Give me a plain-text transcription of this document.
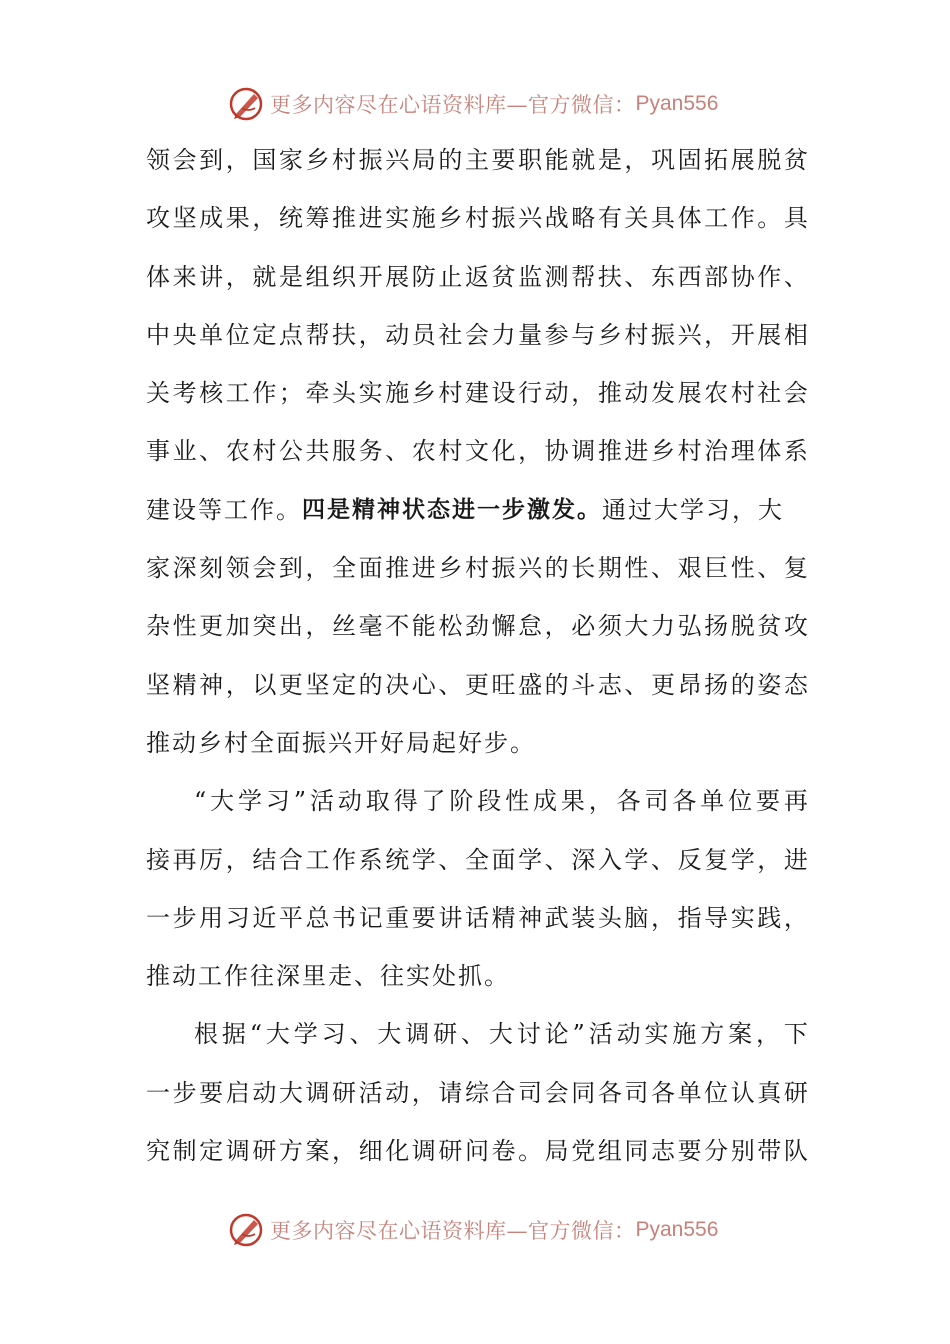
更多内容尽在心语资料库—官方微信： Pyan556
领 会 到 ， 国 家 乡 村 振 兴 局 的 主 要 职 能 就 是 ， 巩 固 拓 展 脱 贫
攻 坚 成 果 ， 统 筹 推 进 实 施 乡 村 振 兴 战 略 有 关 具 体 工 作 。 具
体 来 讲 ， 就 是 组 织 开 展 防 止 返 贫 监 测 帮 扶 、 东 西 部 协 作 、
中 央 单 位 定 点 帮 扶 ， 动 员 社 会 力 量 参 与 乡 村 振 兴 ， 开 展 相
关 考 核 工 作 ； 牵 头 实 施 乡 村 建 设 行 动 ， 推 动 发 展 农 村 社 会
事 业 、 农 村 公 共 服 务 、 农 村 文 化 ， 协 调 推 进 乡 村 治 理 体 系
建设等工作。 四是精神状态进一步激发。 通过大学习，大
家 深 刻 领 会 到 ， 全 面 推 进 乡 村 振 兴 的 长 期 性 、 艰 巨 性 、 复
杂 性 更 加 突 出 ， 丝 毫 不 能 松 劲 懈 怠 ， 必 须 大 力 弘 扬 脱 贫 攻
坚 精 神 ， 以 更 坚 定 的 决 心 、 更 旺 盛 的 斗 志 、 更 昂 扬 的 姿 态
推动乡村全面振兴开好局起好步。
“ 大 学 习 ” 活 动 取 得 了 阶 段 性 成 果 ， 各 司 各 单 位 要 再
接 再 厉 ， 结 合 工 作 系 统 学 、 全 面 学 、 深 入 学 、 反 复 学 ， 进
一 步 用 习 近 平 总 书 记 重 要 讲 话 精 神 武 装 头 脑 ， 指 导 实 践 ，
推动工作往深里走、往实处抓。
根 据 “ 大 学 习 、 大 调 研 、 大 讨 论 ” 活 动 实 施 方 案 ， 下
一 步 要 启 动 大 调 研 活 动 ， 请 综 合 司 会 同 各 司 各 单 位 认 真 研
究 制 定 调 研 方 案 ， 细 化 调 研 问 卷 。 局 党 组 同 志 要 分 别 带 队
更多内容尽在心语资料库—官方微信： Pyan556
